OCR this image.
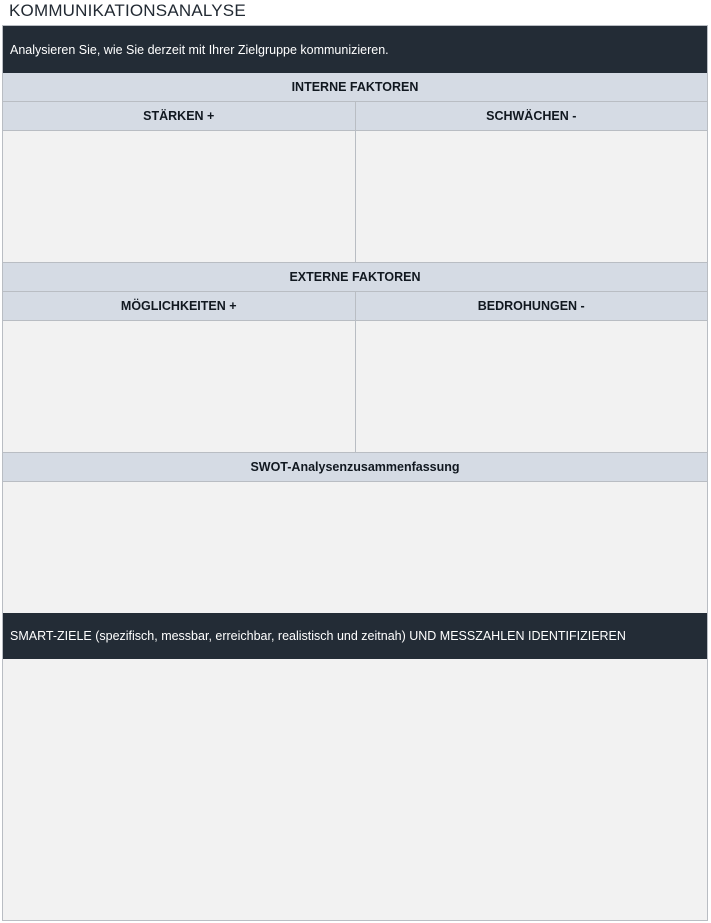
KOMMUNIKATIONSANALYSE
Analysieren Sie, wie Sie derzeit mit Ihrer Zielgruppe kommunizieren.
INTERNE FAKTOREN
STÄRKEN +	SCHWÄCHEN -
EXTERNE FAKTOREN
MÖGLICHKEITEN +	BEDROHUNGEN -
SWOT-Analysenzusammenfassung
SMART-ZIELE (spezifisch, messbar, erreichbar, realistisch und zeitnah) UND MESSZAHLEN IDENTIFIZIEREN
